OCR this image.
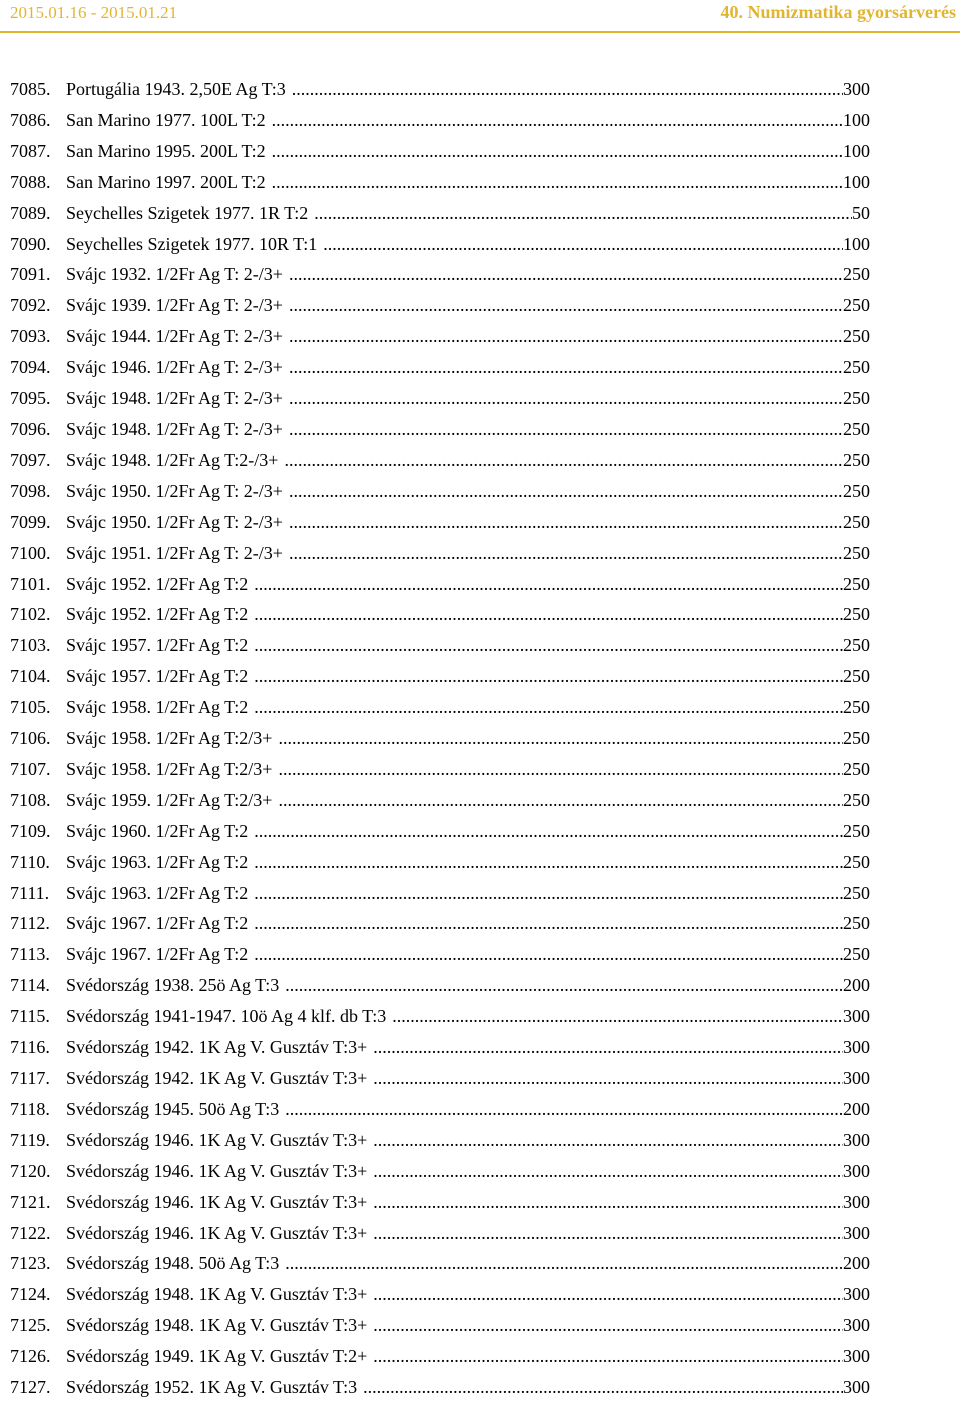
2015.01.16 - 2015.01.21	40. Numizmatika gyorsárverés
7085. Portugália 1943. 2,50E Ag T:3 .....	300
7086. San Marino 1977. 100L T:2 .....	100
7087. San Marino 1995. 200L T:2 .....	100
7088. San Marino 1997. 200L T:2 .....	100
7089. Seychelles Szigetek 1977. 1R T:2 .....	50
7090. Seychelles Szigetek 1977. 10R T:1 .....	100
7091. Svájc 1932. 1/2Fr Ag T: 2-/3+ .....	250
7092. Svájc 1939. 1/2Fr Ag T: 2-/3+ .....	250
7093. Svájc 1944. 1/2Fr Ag T: 2-/3+ .....	250
7094. Svájc 1946. 1/2Fr Ag T: 2-/3+ .....	250
7095. Svájc 1948. 1/2Fr Ag T: 2-/3+ .....	250
7096. Svájc 1948. 1/2Fr Ag T: 2-/3+ .....	250
7097. Svájc 1948. 1/2Fr Ag T:2-/3+ .....	250
7098. Svájc 1950. 1/2Fr Ag T: 2-/3+ .....	250
7099. Svájc 1950. 1/2Fr Ag T: 2-/3+ .....	250
7100. Svájc 1951. 1/2Fr Ag T: 2-/3+ .....	250
7101. Svájc 1952. 1/2Fr Ag T:2 .....	250
7102. Svájc 1952. 1/2Fr Ag T:2 .....	250
7103. Svájc 1957. 1/2Fr Ag T:2 .....	250
7104. Svájc 1957. 1/2Fr Ag T:2 .....	250
7105. Svájc 1958. 1/2Fr Ag T:2 .....	250
7106. Svájc 1958. 1/2Fr Ag T:2/3+ .....	250
7107. Svájc 1958. 1/2Fr Ag T:2/3+ .....	250
7108. Svájc 1959. 1/2Fr Ag T:2/3+ .....	250
7109. Svájc 1960. 1/2Fr Ag T:2 .....	250
7110. Svájc 1963. 1/2Fr Ag T:2 .....	250
7111. Svájc 1963. 1/2Fr Ag T:2 .....	250
7112. Svájc 1967. 1/2Fr Ag T:2 .....	250
7113. Svájc 1967. 1/2Fr Ag T:2 .....	250
7114. Svédország 1938. 25ö Ag T:3 .....	200
7115. Svédország 1941-1947. 10ö Ag 4 klf. db T:3 .....	300
7116. Svédország 1942. 1K Ag V. Gusztáv T:3+ .....	300
7117. Svédország 1942. 1K Ag V. Gusztáv T:3+ .....	300
7118. Svédország 1945. 50ö Ag T:3 .....	200
7119. Svédország 1946. 1K Ag V. Gusztáv T:3+ .....	300
7120. Svédország 1946. 1K Ag V. Gusztáv T:3+ .....	300
7121. Svédország 1946. 1K Ag V. Gusztáv T:3+ .....	300
7122. Svédország 1946. 1K Ag V. Gusztáv T:3+ .....	300
7123. Svédország 1948. 50ö Ag T:3 .....	200
7124. Svédország 1948. 1K Ag V. Gusztáv T:3+ .....	300
7125. Svédország 1948. 1K Ag V. Gusztáv T:3+ .....	300
7126. Svédország 1949. 1K Ag V. Gusztáv T:2+ .....	300
7127. Svédország 1952. 1K Ag V. Gusztáv T:3 .....	300
